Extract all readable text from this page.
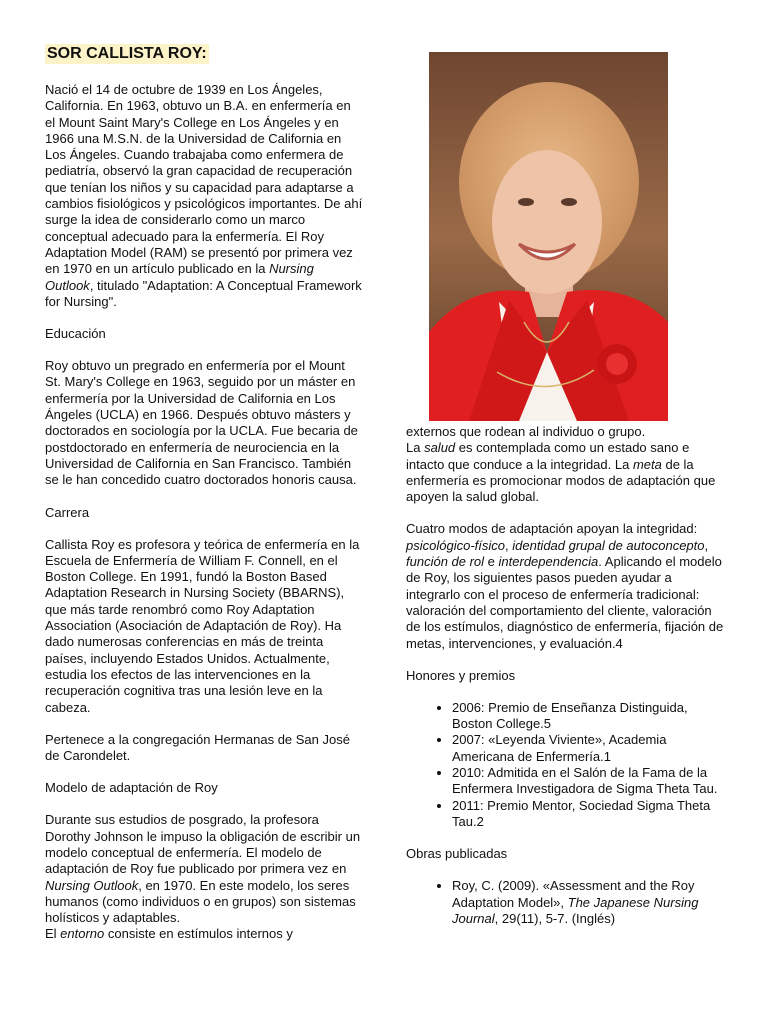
SOR CALLISTA ROY:

Nació el 14 de octubre de 1939 en Los Ángeles, California. En 1963, obtuvo un B.A. en enfermería en el Mount Saint Mary's College en Los Ángeles y en 1966 una M.S.N. de la Universidad de California en Los Ángeles. Cuando trabajaba como enfermera de pediatría, observó la gran capacidad de recuperación que tenían los niños y su capacidad para adaptarse a cambios fisiológicos y psicológicos importantes. De ahí surge la idea de considerarlo como un marco conceptual adecuado para la enfermería. El Roy Adaptation Model (RAM) se presentó por primera vez en 1970 en un artículo publicado en la Nursing Outlook, titulado "Adaptation: A Conceptual Framework for Nursing".

Educación

Roy obtuvo un pregrado en enfermería por el Mount St. Mary's College en 1963, seguido por un máster en enfermería por la Universidad de California en Los Ángeles (UCLA) en 1966. Después obtuvo másters y doctorados en sociología por la UCLA. Fue becaria de postdoctorado en enfermería de neurociencia en la Universidad de California en San Francisco. También se le han concedido cuatro doctorados honoris causa.

Carrera

Callista Roy es profesora y teórica de enfermería en la Escuela de Enfermería de William F. Connell, en el Boston College. En 1991, fundó la Boston Based Adaptation Research in Nursing Society (BBARNS), que más tarde renombró como Roy Adaptation Association (Asociación de Adaptación de Roy). Ha dado numerosas conferencias en más de treinta países, incluyendo Estados Unidos. Actualmente, estudia los efectos de las intervenciones en la recuperación cognitiva tras una lesión leve en la cabeza.

Pertenece a la congregación Hermanas de San José de Carondelet.

Modelo de adaptación de Roy

Durante sus estudios de posgrado, la profesora Dorothy Johnson le impuso la obligación de escribir un modelo conceptual de enfermería. El modelo de adaptación de Roy fue publicado por primera vez en Nursing Outlook, en 1970. En este modelo, los seres humanos (como individuos o en grupos) son sistemas holísticos y adaptables.

El entorno consiste en estímulos internos y

externos que rodean al individuo o grupo.

La salud es contemplada como un estado sano e intacto que conduce a la integridad. La meta de la enfermería es promocionar modos de adaptación que apoyen la salud global.

Cuatro modos de adaptación apoyan la integridad: psicológico-físico, identidad grupal de autoconcepto, función de rol e interdependencia. Aplicando el modelo de Roy, los siguientes pasos pueden ayudar a integrarlo con el proceso de enfermería tradicional: valoración del comportamiento del cliente, valoración de los estímulos, diagnóstico de enfermería, fijación de metas, intervenciones, y evaluación.4

Honores y premios

• 2006: Premio de Enseñanza Distinguida, Boston College.5
• 2007: «Leyenda Viviente», Academia Americana de Enfermería.1
• 2010: Admitida en el Salón de la Fama de la Enfermera Investigadora de Sigma Theta Tau.
• 2011: Premio Mentor, Sociedad Sigma Theta Tau.2

Obras publicadas

• Roy, C. (2009). «Assessment and the Roy Adaptation Model», The Japanese Nursing Journal, 29(11), 5-7. (Inglés)
